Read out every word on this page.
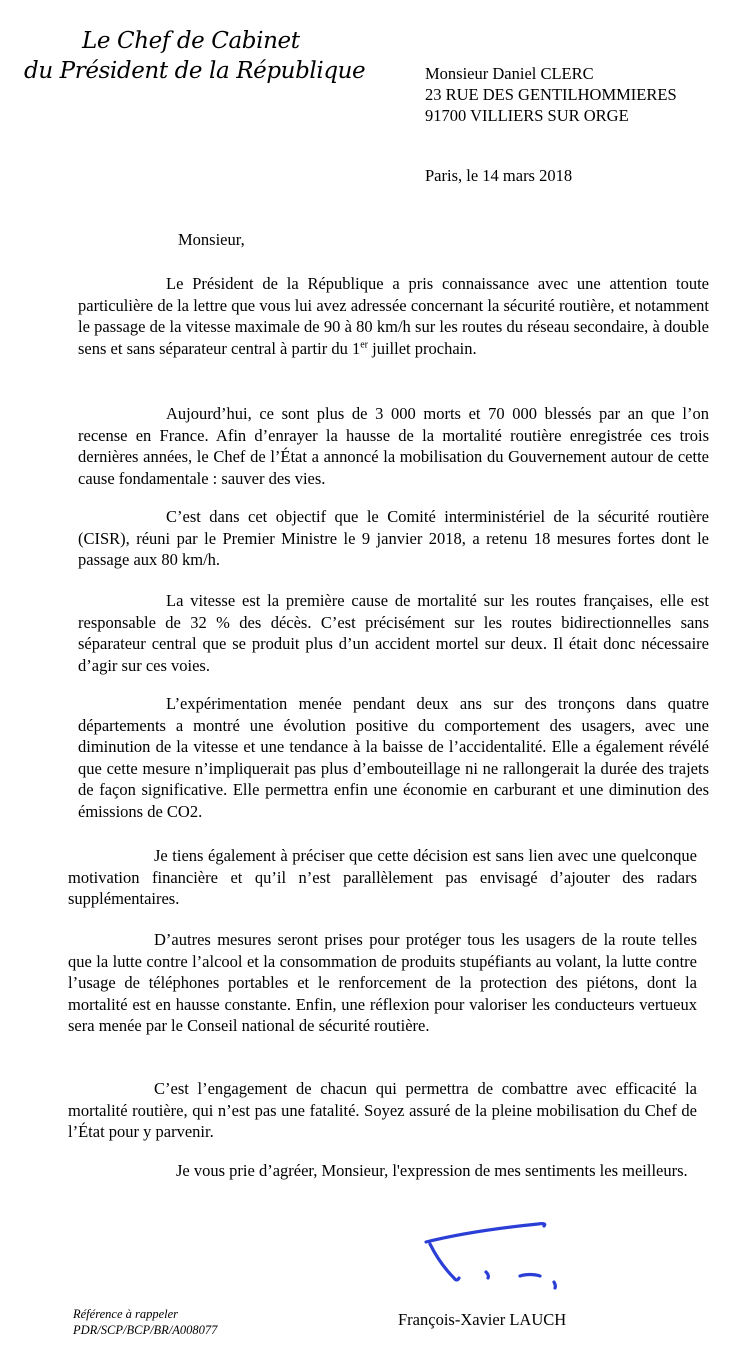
Le Chef de Cabinet
du Président de la République	Monsieur Daniel CLERC
23 RUE DES GENTILHOMMIERES
91700 VILLIERS SUR ORGE
Paris, le 14 mars 2018
Monsieur,

Le Président de la République a pris connaissance avec une attention toute particulière de la lettre que vous lui avez adressée concernant la sécurité routière, et notamment le passage de la vitesse maximale de 90 à 80 km/h sur les routes du réseau secondaire, à double sens et sans séparateur central à partir du 1er juillet prochain.

Aujourd’hui, ce sont plus de 3 000 morts et 70 000 blessés par an que l’on recense en France. Afin d’enrayer la hausse de la mortalité routière enregistrée ces trois dernières années, le Chef de l’État a annoncé la mobilisation du Gouvernement autour de cette cause fondamentale : sauver des vies.

C’est dans cet objectif que le Comité interministériel de la sécurité routière (CISR), réuni par le Premier Ministre le 9 janvier 2018, a retenu 18 mesures fortes dont le passage aux 80 km/h.

La vitesse est la première cause de mortalité sur les routes françaises, elle est responsable de 32 % des décès. C’est précisément sur les routes bidirectionnelles sans séparateur central que se produit plus d’un accident mortel sur deux. Il était donc nécessaire d’agir sur ces voies.

L’expérimentation menée pendant deux ans sur des tronçons dans quatre départements a montré une évolution positive du comportement des usagers, avec une diminution de la vitesse et une tendance à la baisse de l’accidentalité. Elle a également révélé que cette mesure n’impliquerait pas plus d’embouteillage ni ne rallongerait la durée des trajets de façon significative. Elle permettra enfin une économie en carburant et une diminution des émissions de CO2.

Je tiens également à préciser que cette décision est sans lien avec une quelconque motivation financière et qu’il n’est parallèlement pas envisagé d’ajouter des radars supplémentaires.

D’autres mesures seront prises pour protéger tous les usagers de la route telles que la lutte contre l’alcool et la consommation de produits stupéfiants au volant, la lutte contre l’usage de téléphones portables et le renforcement de la protection des piétons, dont la mortalité est en hausse constante. Enfin, une réflexion pour valoriser les conducteurs vertueux sera menée par le Conseil national de sécurité routière.

C’est l’engagement de chacun qui permettra de combattre avec efficacité la mortalité routière, qui n’est pas une fatalité. Soyez assuré de la pleine mobilisation du Chef de l’État pour y parvenir.

Je vous prie d’agréer, Monsieur, l'expression de mes sentiments les meilleurs.

François-Xavier LAUCH
Référence à rappeler
PDR/SCP/BCP/BR/A008077
